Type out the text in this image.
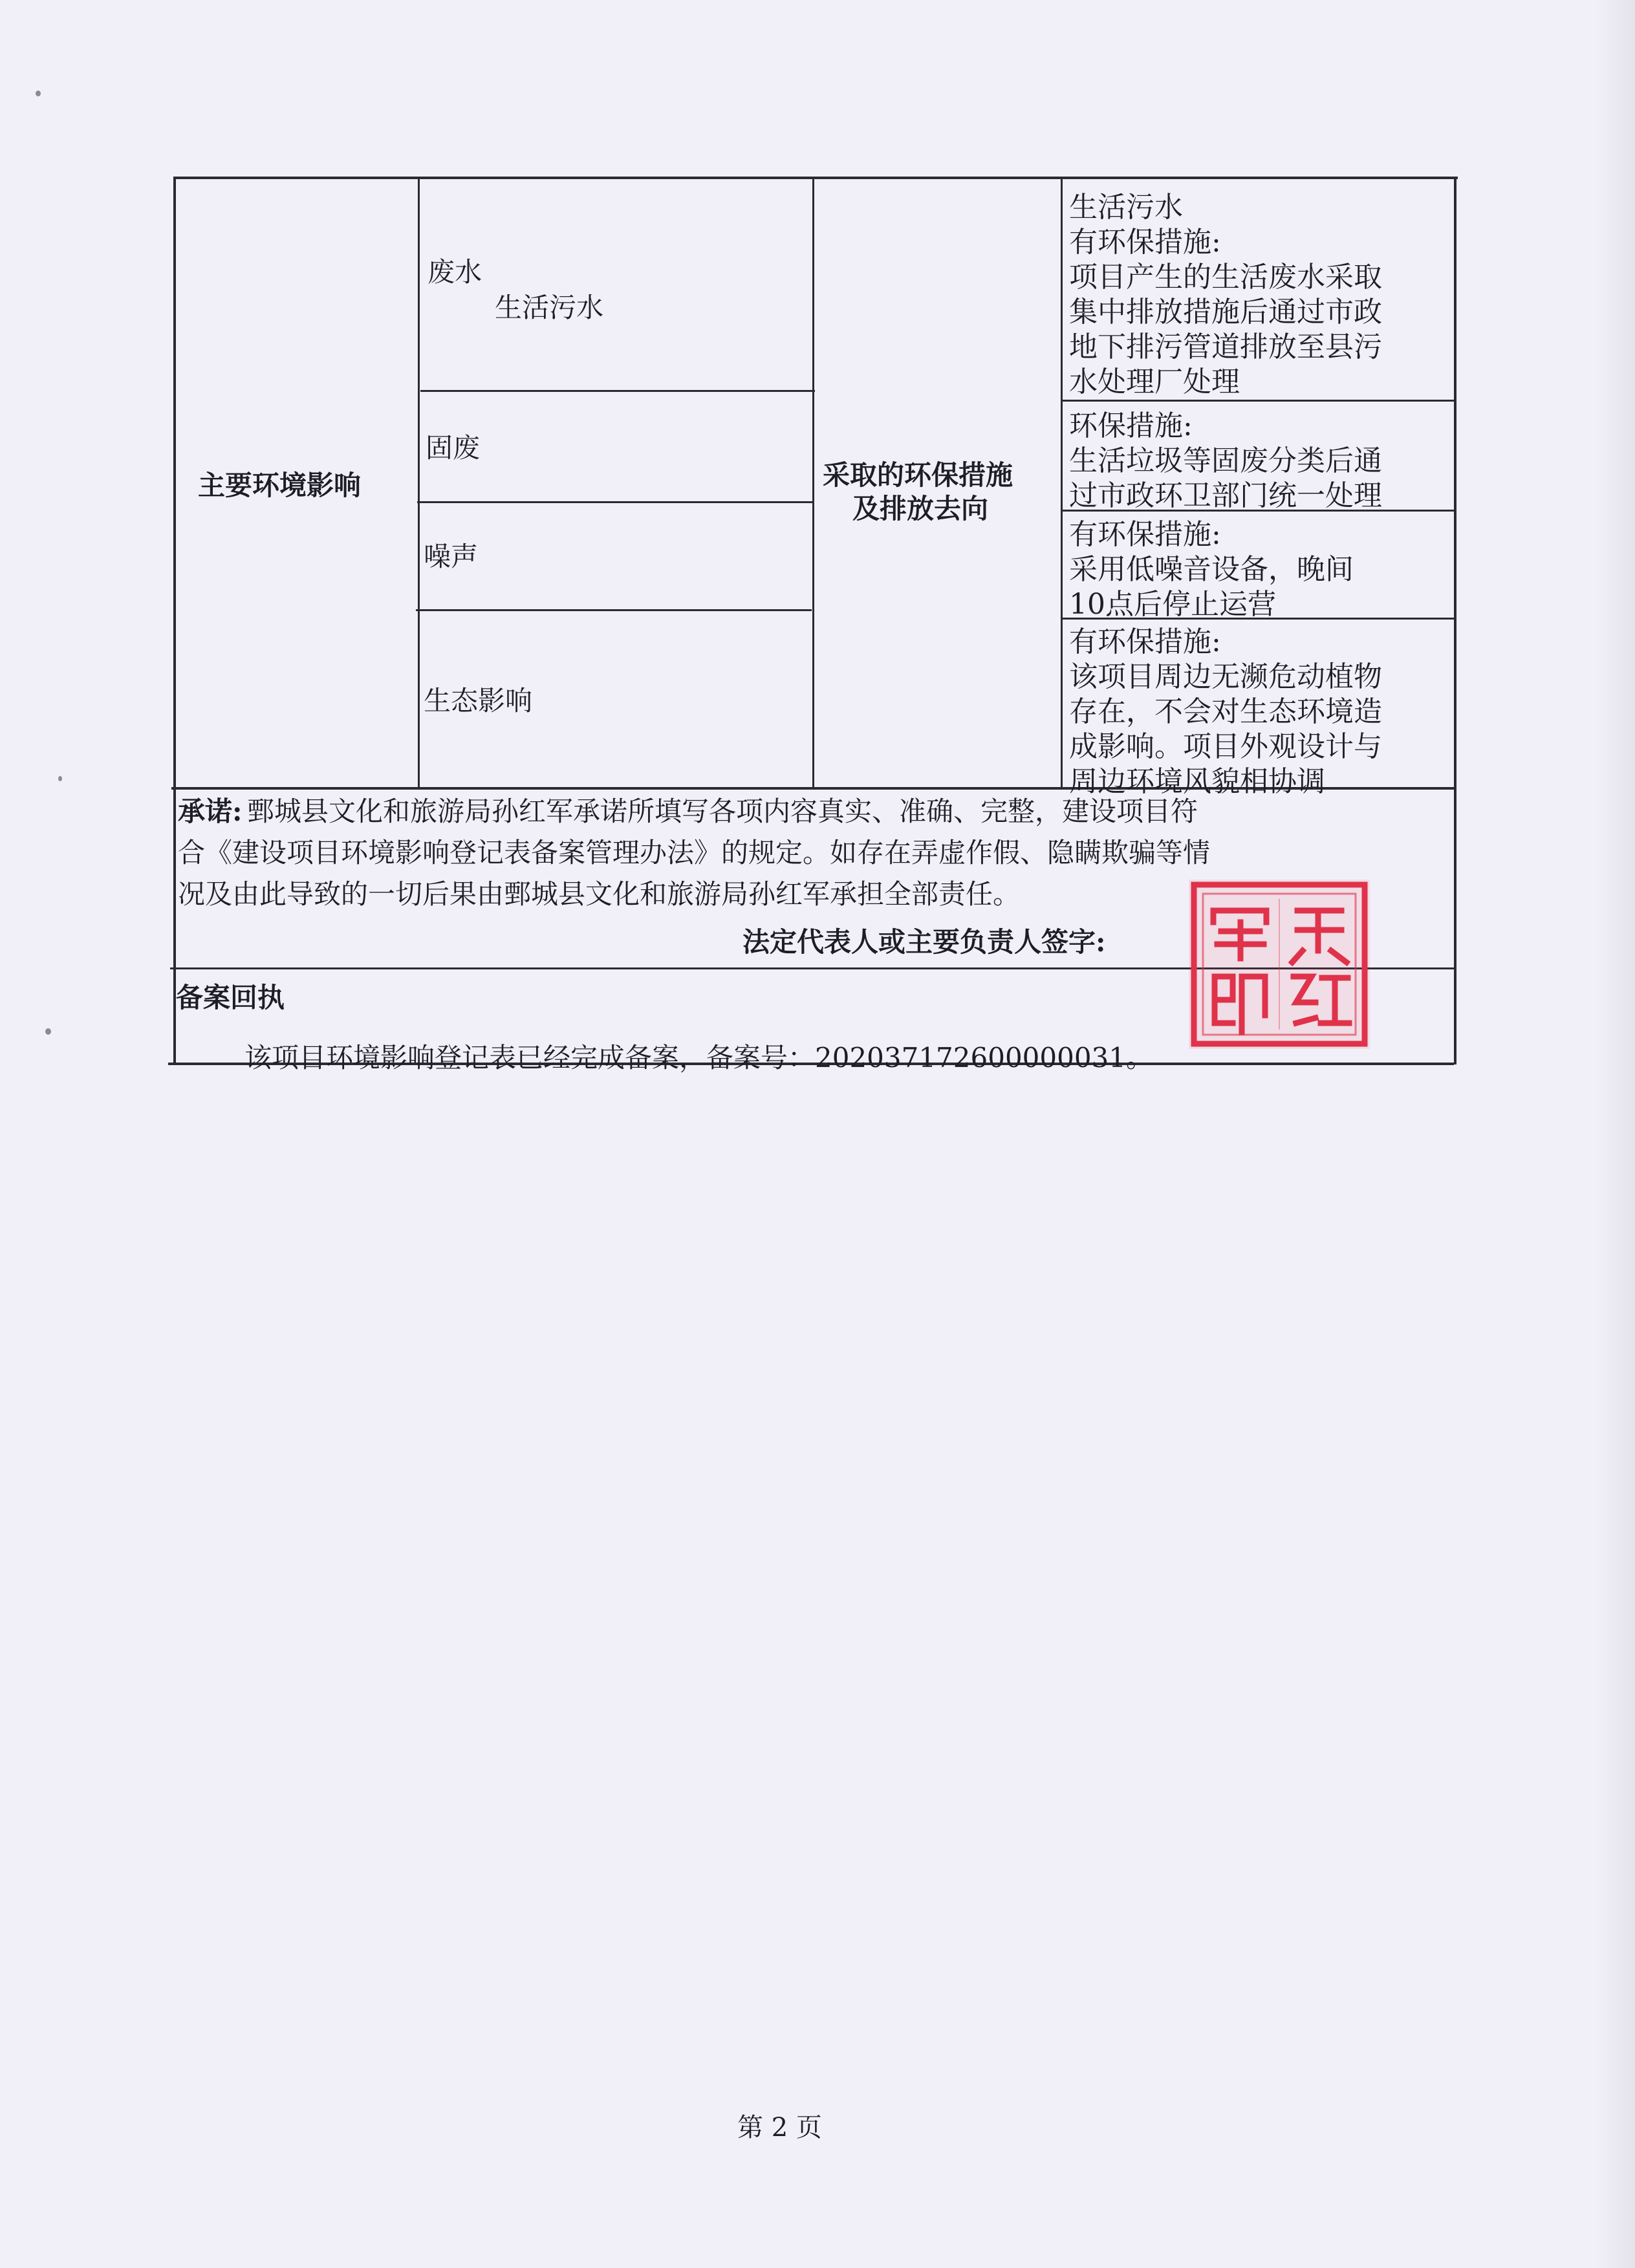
主要环境影响
废水
生活污水
固废
噪声
生态影响
采取的环保措施
及排放去向
生活污水
有环保措施:
项目产生的生活废水采取
集中排放措施后通过市政
地下排污管道排放至县污
水处理厂处理
环保措施:
生活垃圾等固废分类后通
过市政环卫部门统一处理
有环保措施:
采用低噪音设备，晚间
10点后停止运营
有环保措施:
该项目周边无濒危动植物
存在，不会对生态环境造
成影响。项目外观设计与
周边环境风貌相协调
承诺: 鄄城县文化和旅游局孙红军承诺所填写各项内容真实、准确、完整，建设项目符
合《建设项目环境影响登记表备案管理办法》的规定。如存在弄虚作假、隐瞒欺骗等情
况及由此导致的一切后果由鄄城县文化和旅游局孙红军承担全部责任。
法定代表人或主要负责人签字:
备案回执
该项目环境影响登记表已经完成备案，备案号：202037172600000031。
第 2 页
